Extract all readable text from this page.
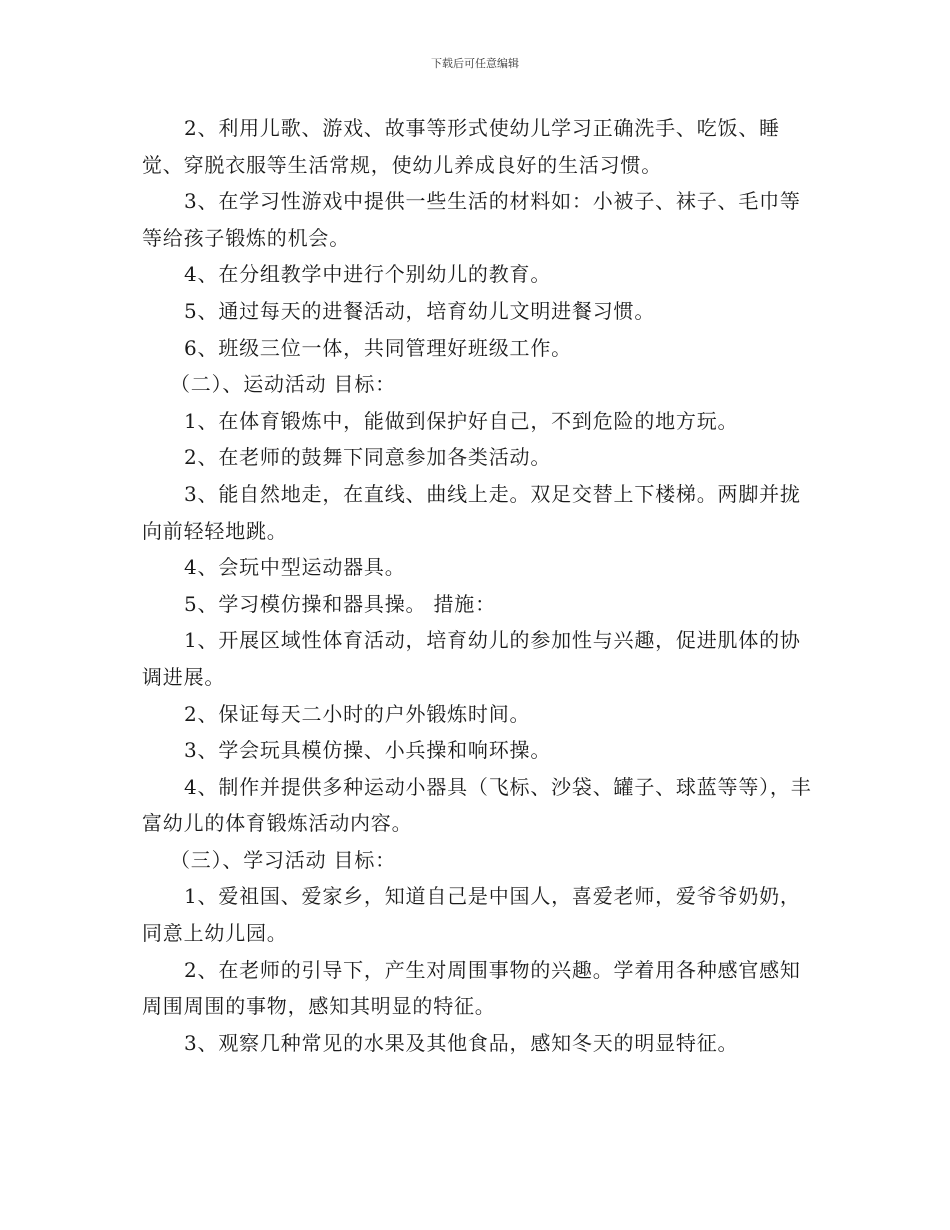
下载后可任意编辑

2、利用儿歌、游戏、故事等形式使幼儿学习正确洗手、吃饭、睡觉、穿脱衣服等生活常规，使幼儿养成良好的生活习惯。

3、在学习性游戏中提供一些生活的材料如：小被子、袜子、毛巾等等给孩子锻炼的机会。

4、在分组教学中进行个别幼儿的教育。

5、通过每天的进餐活动，培育幼儿文明进餐习惯。

6、班级三位一体，共同管理好班级工作。

（二）、运动活动 目标：

1、在体育锻炼中，能做到保护好自己，不到危险的地方玩。

2、在老师的鼓舞下同意参加各类活动。

3、能自然地走，在直线、曲线上走。双足交替上下楼梯。两脚并拢向前轻轻地跳。

4、会玩中型运动器具。

5、学习模仿操和器具操。 措施：

1、开展区域性体育活动，培育幼儿的参加性与兴趣，促进肌体的协调进展。

2、保证每天二小时的户外锻炼时间。

3、学会玩具模仿操、小兵操和响环操。

4、制作并提供多种运动小器具（飞标、沙袋、罐子、球蓝等等），丰富幼儿的体育锻炼活动内容。

（三）、学习活动 目标：

1、爱祖国、爱家乡，知道自己是中国人，喜爱老师，爱爷爷奶奶，同意上幼儿园。

2、在老师的引导下，产生对周围事物的兴趣。学着用各种感官感知周围周围的事物，感知其明显的特征。

3、观察几种常见的水果及其他食品，感知冬天的明显特征。
